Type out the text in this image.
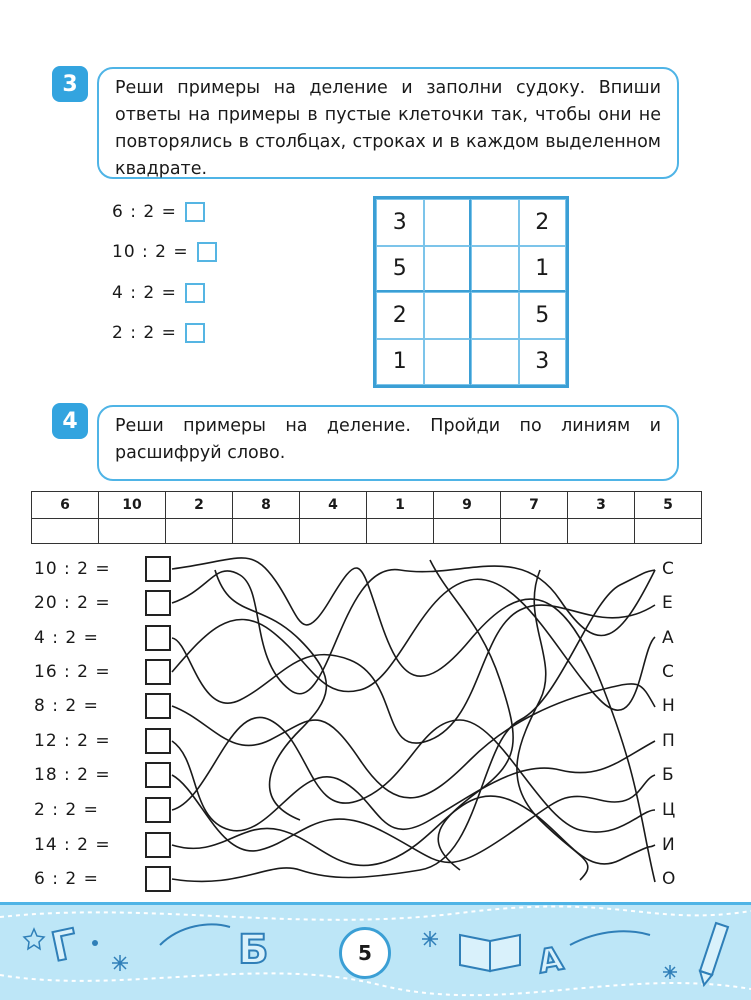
3	Реши примеры на деление и заполни судоку. Впиши ответы на примеры в пустые клеточки так, чтобы они не повторялись в столбцах, строках и в каждом выделенном квадрате.
6 : 2 =
10 : 2 =
4 : 2 =
2 : 2 =
3	2
5	1
2	5
1	3
4	Реши примеры на деление. Пройди по линиям и расшифруй слово.
6	10	2	8	4	1	9	7	3	5

10 : 2 =
20 : 2 =
4 : 2 =
16 : 2 =
8 : 2 =
12 : 2 =
18 : 2 =
2 : 2 =
14 : 2 =
6 : 2 =
С
Е
А
С
Н
П
Б
Ц
И
О
Г	Б	А
5
